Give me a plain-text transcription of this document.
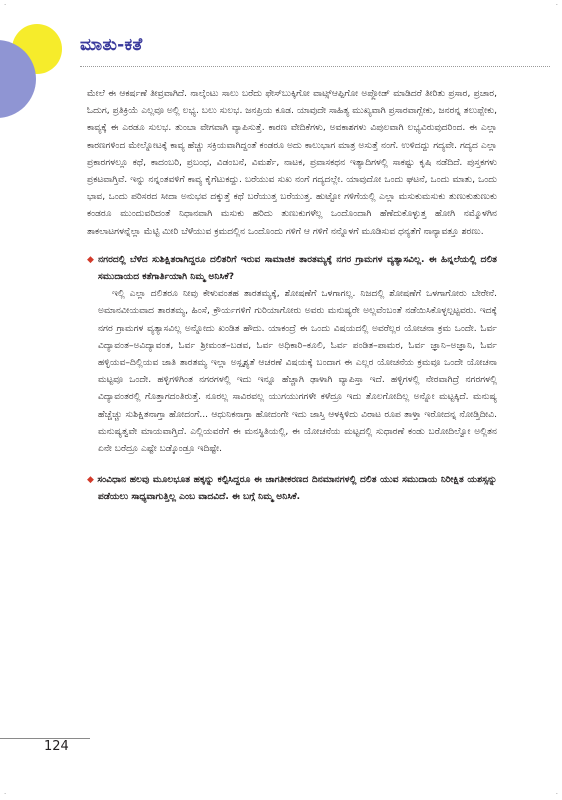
·	·
ಮಾತು-ಕತೆ

ಮೇಲೆ ಈ ಆಕರ್ಷಣೆ ತೀವ್ರವಾಗಿದೆ. ನಾಲ್ಕೆಂಟು ಸಾಲು ಬರೆದು ಫೇಸ್‌ಬುಕ್ಕಿಗೋ ವಾಟ್ಸ್ಆಪ್ಪಿಗೋ ಅಪ್ಲೋಡ್ ಮಾಡಿದರೆ ತೀರಿತು ಪ್ರಸಾರ, ಪ್ರಚಾರ, ಓದುಗ, ಪ್ರತಿಕ್ರಿಯೆ ಎಲ್ಲವೂ ಅಲ್ಲಿ ಲಭ್ಯ. ಬಲು ಸುಲಭ. ಜನಪ್ರಿಯ ಕೂಡ. ಯಾವುದೇ ಸಾಹಿತ್ಯ ಮುಖ್ಯವಾಗಿ ಪ್ರಸಾರವಾಗ್ಬೇಕು, ಜನರನ್ನ ತಲುಪ್ಬೇಕು, ಕಾವ್ಯಕ್ಕೆ ಈ ಎರಡೂ ಸುಲಭ. ತುಂಬಾ ವೇಗವಾಗಿ ವ್ಯಾಪಿಸುತ್ತೆ. ಕಾರಣ ವೇದಿಕೆಗಳು, ಅವಕಾಶಗಳು ವಿಪುಲವಾಗಿ ಲಭ್ಯವಿರುವುದರಿಂದ. ಈ ಎಲ್ಲಾ ಕಾರಣಗಳಿಂದ ಮೇಲ್ನೋಟಕ್ಕೆ ಕಾವ್ಯ ಹೆಚ್ಚು ಸಕ್ರಿಯವಾಗಿದ್ದಂತೆ ಕಂಡರೂ ಅದು ಕಾಲುಭಾಗ ಮಾತ್ರ ಅಸುತ್ತೆ ನಂಗೆ. ಉಳಿದದ್ದು ಗದ್ಯವೇ. ಗದ್ಯದ ಎಲ್ಲಾ ಪ್ರಕಾರಗಳಲ್ಲೂ ಕಥೆ, ಕಾದಂಬರಿ, ಪ್ರಬಂಧ, ವಿಡಂಬನೆ, ವಿಮರ್ಶೆ, ನಾಟಕ, ಪ್ರವಾಸಕಥನ ಇತ್ಯಾದಿಗಳಲ್ಲಿ ಸಾಕಷ್ಟು ಕೃಷಿ ನಡೆದಿದೆ. ಪುಸ್ತಕಗಳು ಪ್ರಕಟವಾಗ್ತಿವೆ. ಇನ್ನು ನನ್ನಂತವಳಿಗೆ ಕಾವ್ಯ ಕೈಗೆಟುಕದ್ದು. ಬರೆಯುವ ಸುಖ ನಂಗೆ ಗದ್ಯದಲ್ಲೇ. ಯಾವುದೋ ಒಂದು ಘಟನೆ, ಒಂದು ಮಾತು, ಒಂದು ಭಾವ, ಒಂದು ಪರಿಸರದ ಸೀದಾ ಅನುಭವ ದಕ್ಕುತ್ತೆ ಕಥೆ ಬರೆಯುತ್ತ ಬರೆಯುತ್ತ. ಹುಟ್ಟೋ ಗಳಿಗೆಯಲ್ಲಿ ಎಲ್ಲಾ ಮಸುಕುಮಸುಕು ತುಣುಕುತುಣುಕು ಕಂಡರೂ ಮುಂದುವರಿದಂತೆ ನಿಧಾನವಾಗಿ ಮಸುಕು ಹರಿದು ತುಣುಕುಗಳೆಲ್ಲ ಒಂದೊಂದಾಗಿ ಹೆಣೆದುಕೊಳ್ಳುತ್ತ ಹೋಗಿ ನಮ್ಮೊಳಗಿನ ತಾಕಲಾಟಗಳನ್ನೆಲ್ಲಾ ಮೆಟ್ಟಿ ಮೀರಿ ಬೆಳೆಯುವ ಕ್ರಮದಲ್ಲಿನ ಒಂದೊಂದು ಗಳಿಗೆ ಆ ಗಳಿಗೆ ನನ್ನೊಳಗೆ ಮೂಡಿಸುವ ಧನ್ಯತೆಗೆ ನಾನ್ಯಾವತ್ತೂ ಶರಣು.

◆ ನಗರದಲ್ಲಿ ಬೆಳೆದ ಸುಶಿಕ್ಷಿತರಾಗಿದ್ದರೂ ದಲಿತರಿಗೆ ಇರುವ ಸಾಮಾಜಿಕ ತಾರತಮ್ಯಕ್ಕೆ ನಗರ ಗ್ರಾಮಗಳ ವ್ಯತ್ಯಾಸವಿಲ್ಲ. ಈ ಹಿನ್ನಲೆಯಲ್ಲಿ ದಲಿತ ಸಮುದಾಯದ ಕತೆಗಾರ್ತಿಯಾಗಿ ನಿಮ್ಮ ಅನಿಸಿಕೆ?

ಇಲ್ಲಿ ಎಲ್ಲಾ ದಲಿತರೂ ನೀವು ಕೇಳುವಂತಹ ತಾರತಮ್ಯಕ್ಕೆ, ಶೋಷಣೆಗೆ ಒಳಗಾಗಲ್ಲ. ನಿಜದಲ್ಲಿ ಶೋಷಣೆಗೆ ಒಳಗಾಗೋರು ಬೇರೇನೆ. ಅಮಾನವೀಯವಾದ ತಾರತಮ್ಯ, ಹಿಂಸೆ, ಕ್ರೌರ್ಯಗಳಿಗೆ ಗುರಿಯಾಗೋರು ಅವರು ಮನುಷ್ಯರೇ ಅಲ್ಲವೆಂಬಂತೆ ನಡೆಯಿಸಿಕೊಳ್ಳಲ್ಪಟ್ಟವರು. ಇದಕ್ಕೆ ನಗರ ಗ್ರಾಮಗಳ ವ್ಯತ್ಯಾಸವಿಲ್ಲ ಅನ್ನೋದು ಖಂಡಿತ ಹೌದು. ಯಾಕಂದ್ರೆ ಈ ಒಂದು ವಿಷಯದಲ್ಲಿ ಅವರೆಲ್ಲರ ಯೋಚನಾ ಕ್ರಮ ಒಂದೇ. ಓರ್ವ ವಿದ್ಯಾವಂತ–ಅವಿದ್ಯಾವಂತ, ಓರ್ವ ಶ್ರೀಮಂತ–ಬಡವ, ಓರ್ವ ಅಧಿಕಾರಿ–ಕೂಲಿ, ಓರ್ವ ಪಂಡಿತ–ಪಾಮರ, ಓರ್ವ ಜ್ಞಾನಿ–ಅಜ್ಞಾನಿ, ಓರ್ವ ಹಳ್ಳಿಯವ–ದಿಲ್ಲಿಯವ ಜಾತಿ ತಾರತಮ್ಯ ಇಲ್ಲಾ ಅಸ್ಪೃಶ್ಯತೆ ಆಚರಣೆ ವಿಷಯಕ್ಕೆ ಬಂದಾಗ ಈ ಎಲ್ಲರ ಯೋಚನೆಯ ಕ್ರಮವೂ ಒಂದೇ ಯೋಚನಾ ಮಟ್ಟವೂ ಒಂದೇ. ಹಳ್ಳಿಗಳಿಗಿಂತ ನಗರಗಳಲ್ಲಿ ಇದು ಇನ್ನೂ ಹೆಚ್ಚಾಗಿ ಢಾಳಾಗಿ ವ್ಯಾಪಿಸ್ತಾ ಇದೆ. ಹಳ್ಳಿಗಳಲ್ಲಿ ನೇರವಾಗಿದ್ರೆ ನಗರಗಳಲ್ಲಿ ವಿದ್ಯಾವಂತರಲ್ಲಿ ಗೊತ್ತಾಗದಂತಿರುತ್ತೆ. ನೂರಲ್ಲ ಸಾವಿರವಲ್ಲ ಯುಗಯುಗಗಳೇ ಕಳೆದ್ರೂ ಇದು ತೊಲಗೋದಿಲ್ಲ ಅನ್ನೋ ಮಟ್ಟಕ್ಕಿದೆ. ಮನುಷ್ಯ ಹೆಚ್ಚೆಚ್ಚು ಸುಶಿಕ್ಷಿತನಾಗ್ತಾ ಹೋದಂಗೆ... ಆಧುನಿಕನಾಗ್ತಾ ಹೋದಂಗೇ ಇದು ಜಾಸ್ತಿ ಆಳಕ್ಕಿಳಿದು ವಿರಾಟ ರೂಪ ತಾಳ್ತಾ ಇರೋದನ್ನ ನೋಡ್ತಿದೀವಿ. ಮನುಷ್ಯತ್ವವೇ ಮಾಯವಾಗ್ತಿದೆ. ಎಲ್ಲಿಯವರೆಗೆ ಈ ಮನಸ್ಥಿತಿಯಲ್ಲಿ, ಈ ಯೋಚನೆಯ ಮಟ್ಟದಲ್ಲಿ ಸುಧಾರಣೆ ಕಂಡು ಬರೋದಿಲ್ವೋ ಅಲ್ಲಿತನ ಏನೇ ಬರೆದ್ರೂ ಎಷ್ಟೇ ಬಡ್ಕೊಂಡ್ರೂ ಇದಿಷ್ಟೇ.

◆ ಸಂವಿಧಾನ ಹಲವು ಮೂಲಭೂತ ಹಕ್ಕನ್ನು ಕಲ್ಪಿಸಿದ್ದರೂ ಈ ಜಾಗತೀಕರಣದ ದಿನಮಾನಗಳಲ್ಲಿ ದಲಿತ ಯುವ ಸಮುದಾಯ ನಿರೀಕ್ಷಿತ ಯಶಸ್ಸನ್ನು ಪಡೆಯಲು ಸಾಧ್ಯವಾಗುತ್ತಿಲ್ಲ ಎಂಬ ವಾದವಿದೆ. ಈ ಬಗ್ಗೆ ನಿಮ್ಮ ಅನಿಸಿಕೆ.

124
·	·
